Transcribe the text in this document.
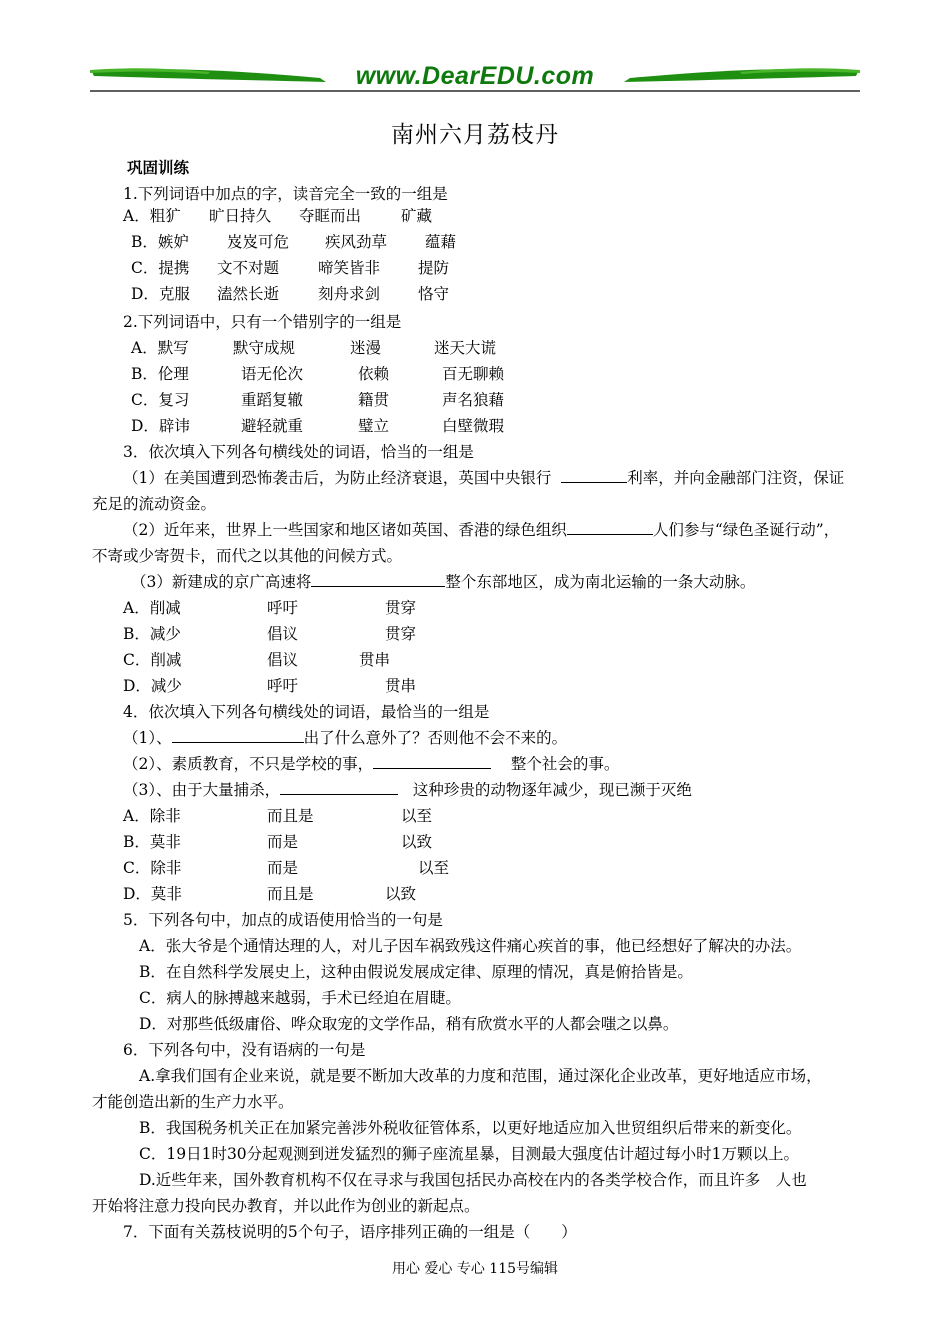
www.DearEDU.com
南州六月荔枝丹
巩固训练
1.下列词语中加点的字，读音完全一致的一组是
A．粗犷 旷日持久 夺眶而出	矿藏
B．嫉妒 岌岌可危 疾风劲草 蕴藉
C．提携 文不对题	啼笑皆非 提防
D．克服 溘然长逝	刻舟求剑 恪守
2.下列词语中，只有一个错别字的一组是
A．默写	默守成规	迷漫	迷天大谎
B．伦理	语无伦次	依赖	百无聊赖
C．复习	重蹈复辙	籍贯	声名狼藉
D．辟讳	避轻就重	璧立	白壁微瑕
3．依次填入下列各句横线处的词语，恰当的一组是
（1）在美国遭到恐怖袭击后，为防止经济衰退，英国中央银行	利率，并向金融部门注资，保证
充足的流动资金。
（2）近年来，世界上一些国家和地区诸如英国、香港的绿色组织	人们参与“绿色圣诞行动”，
不寄或少寄贺卡，而代之以其他的问候方式。
（3）新建成的京广高速将	整个东部地区，成为南北运输的一条大动脉。
A．削减	呼吁	贯穿
B．减少	倡议	贯穿
C．削减	倡议	贯串
D．减少	呼吁	贯串
4．依次填入下列各句横线处的词语，最恰当的一组是
（1）、	出了什么意外了？否则他不会不来的。
（2）、素质教育，不只是学校的事，	整个社会的事。
（3）、由于大量捕杀，	这种珍贵的动物逐年减少，现已濒于灭绝
A．除非	而且是	以至
B．莫非	而是	以致
C．除非	而是	以至
D．莫非	而且是	以致
5．下列各句中，加点的成语使用恰当的一句是
A．张大爷是个通情达理的人，对儿子因车祸致残这件痛心疾首的事，他已经想好了解决的办法。
B．在自然科学发展史上，这种由假说发展成定律、原理的情况，真是俯拾皆是。
C．病人的脉搏越来越弱，手术已经迫在眉睫。
D．对那些低级庸俗、哗众取宠的文学作品，稍有欣赏水平的人都会嗤之以鼻。
6．下列各句中，没有语病的一句是
A.拿我们国有企业来说，就是要不断加大改革的力度和范围，通过深化企业改革，更好地适应市场，
才能创造出新的生产力水平。
B．我国税务机关正在加紧完善涉外税收征管体系，以更好地适应加入世贸组织后带来的新变化。
C．19日1时30分起观测到迸发猛烈的狮子座流星暴，目测最大强度估计超过每小时1万颗以上。
D.近些年来，国外教育机构不仅在寻求与我国包括民办高校在内的各类学校合作，而且许多　人也
开始将注意力投向民办教育，并以此作为创业的新起点。
7．下面有关荔枝说明的5个句子，语序排列正确的一组是（　　）
用心 爱心 专心 115号编辑
